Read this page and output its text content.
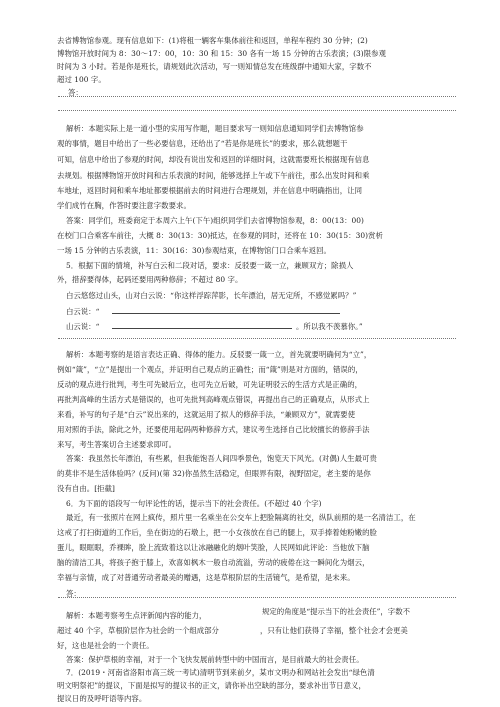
去省博物馆参观。现有信息如下：(1)将租一辆客车集体前往和返回，单程车程约 30 分钟；(2)
博物馆开放时间为 8：30～17：00，10：30 和 15：30 各有一场 15 分钟的古乐表演；(3)限参观
时间为 3 小时。若是你是班长，请规划此次活动，写一则知情总发在班级群中通知大家，字数不
超过 100 字。
答：
解析：本题实际上是一道小型的实用写作题，题目要求写一则知信息通知同学们去博物馆参
观的事情，题目中给出了一些必要信息，还给出了“若是你是班长”的要求，那么就想题干
可知，信息中给出了参观的时间，却没有说出发和返回的详细时间，这就需要班长根据现有信息
去规划。根据博物馆开放时间和古乐表演的时间，能够选择上午或下午前往，那么出发时间和乘
车地址，返回时间和乘车地址都要根据前去的时间进行合理规划，并在信息中明确指出，让同
学们成竹在胸，作答时要注意字数要求。
答案：同学们，班委商定于本周六上午(下午)组织同学们去省博物馆参观，8：00(13：00)
在校门口合乘客车前往，大概 8：30(13：30)抵达，在参观的同时，还将在 10：30(15：30)赏析
一场 15 分钟的古乐表演，11：30(16：30)参观结束，在博物馆门口合乘车返回。
5．根据下面的情境，补写白云和二段对话，要求：反驳要一箴一立，兼顾双方；除损人
外，措辞要得体，起码还要用两种修辞；不超过 80 字。
白云悠悠过山头，山对白云说：“你这样浮踪萍影，长年漂泊，居无定所，不感觉累吗？”
白云说：“
山云说：“	。所以我不羡慕你。”
解析：本题考察的是语言表达正确、得体的能力。反驳要一箴一立，首先就要明确何为“立”，
例如“箴”，“立”是提出一个观点，并证明自己观点的正确性；而“箴”则是对方面的，错误的，
反动的观点进行批判，考生可先破后立，也可先立后破，可先证明驳云的生活方式是正确的，
再批判高峰的生活方式是错误的，也可先批判高峰观点错误，再提出自己的正确观点，从形式上
来看，补写的句子是“白云”说出来的，这就运用了拟人的修辞手法，“兼顾双方”，就需要使
用对照的手法，除此之外，还要使用起码两种修辞方式，建议考生选择自己比较擅长的修辞手法
来写，考生答案切合主述要求即可。
答案：我虽然长年漂泊，有些累，但我能饱吾人间四季景色，饱览天下风光。(对偶)人生最可贵
的莫非不是生活体验吗？(反问)(第 32)你虽然生活稳定，但眼界有限，视野固定，老主要的是你
没有自由。[拒截]
6．为下面的语段写一句评论性的话，提示当下的社会责任。(不超过 40 个字)
最近，有一张照片在网上疯传，照片里一名乘坐在公交车上把脸隔离的社交，纵队前照的是一名清洁工，在
这戒了打扫街道的工作后，坐在街边的石墩上，把一小女孩放在自己的腿上，双手捧着她粉嫩的脸
蛋儿，眼眶眼，乔裸眸，脸上流致着这以让冰融融化的烟叶笑脸，人民网如此评论：当他放下脑
脑的清洁工具，将孩子抱于膝上，欢喜如枫木一般自动流溢，劳动的疲倦在这一瞬间化为烟云，
幸福与亲情，成了对普通劳动者最美的赠遇，这是草根阶层的生活镜气，是希望，是未来。
答：
解析：本题考察考生点评新闻内容的能力，	规定的角度是“提示当下的社会责任”，字数不
超过 40 个字，草根阶层作为社会的一个组成部分	，只有让他们获得了幸福，整个社会才会更美
好，这也是社会的一个责任。
答案：保护草根的幸福，对于一个飞快发展前转型中的中国而言，是目前最大的社会责任。
7．(2019・河南省洛阳市高三统一考试)清明节到来前夕，某市文明办和网站社会发出“绿色清
明文明祭祀”的提议，下面是拟写的提议书的正文，请你补出空缺的部分，要求补出节日意义，
提议日的及呼吁语等内容。
